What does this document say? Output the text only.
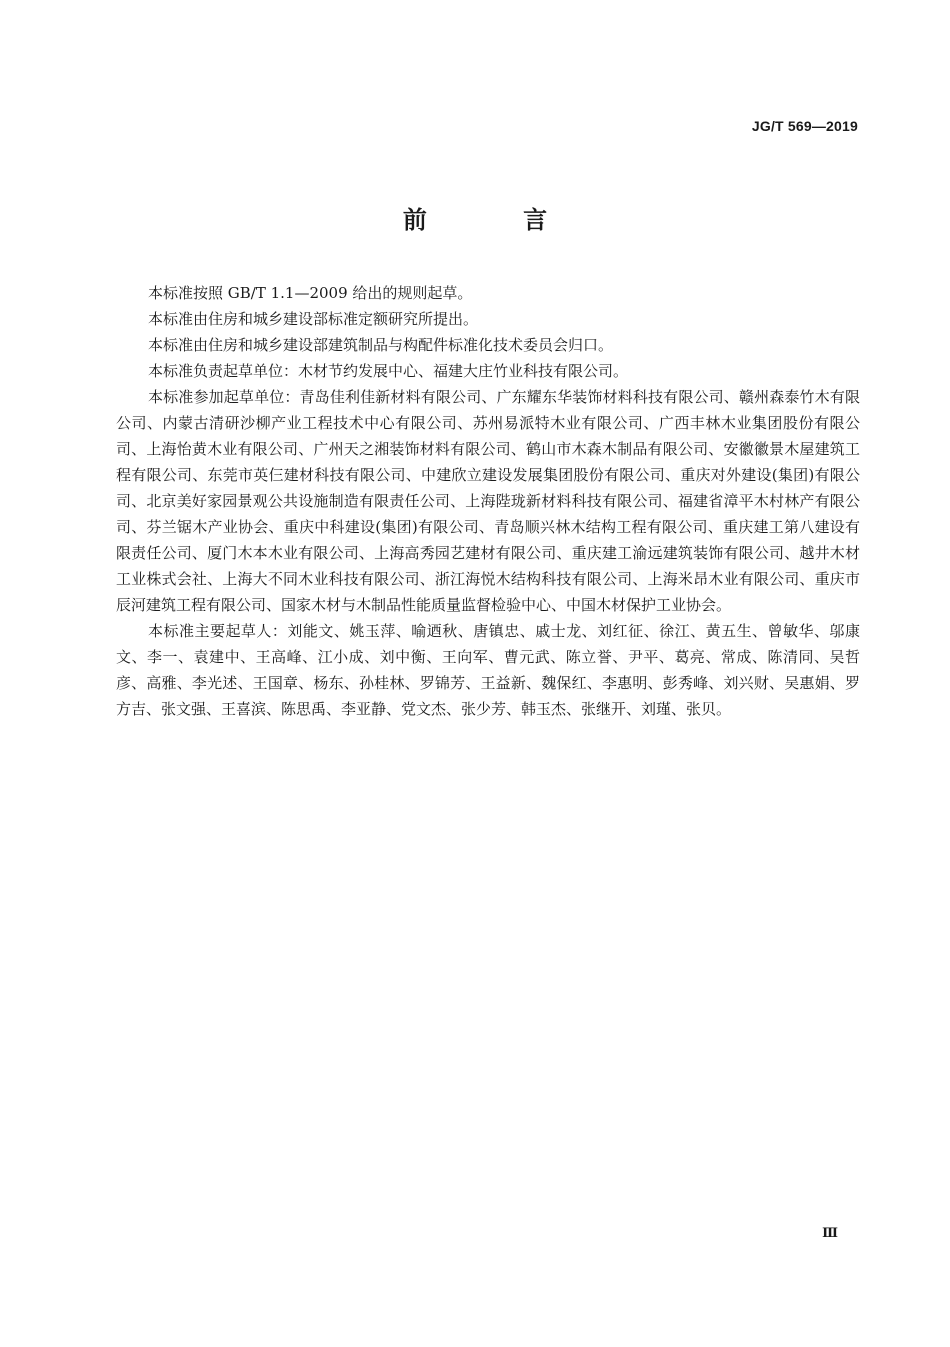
JG/T 569—2019
前 言

本标准按照 GB/T 1.1—2009 给出的规则起草。

本标准由住房和城乡建设部标准定额研究所提出。

本标准由住房和城乡建设部建筑制品与构配件标准化技术委员会归口。

本标准负责起草单位：木材节约发展中心、福建大庄竹业科技有限公司。

本标准参加起草单位：青岛佳利佳新材料有限公司、广东耀东华装饰材料科技有限公司、赣州森泰竹木有限公司、内蒙古清研沙柳产业工程技术中心有限公司、苏州易派特木业有限公司、广西丰林木业集团股份有限公司、上海怡黄木业有限公司、广州天之湘装饰材料有限公司、鹤山市木森木制品有限公司、安徽徽景木屋建筑工程有限公司、东莞市英仨建材科技有限公司、中建欣立建设发展集团股份有限公司、重庆对外建设(集团)有限公司、北京美好家园景观公共设施制造有限责任公司、上海陛珑新材料科技有限公司、福建省漳平木村林产有限公司、芬兰锯木产业协会、重庆中科建设(集团)有限公司、青岛顺兴林木结构工程有限公司、重庆建工第八建设有限责任公司、厦门木本木业有限公司、上海高秀园艺建材有限公司、重庆建工渝远建筑装饰有限公司、越井木材工业株式会社、上海大不同木业科技有限公司、浙江海悦木结构科技有限公司、上海米昂木业有限公司、重庆市辰河建筑工程有限公司、国家木材与木制品性能质量监督检验中心、中国木材保护工业协会。

本标准主要起草人：刘能文、姚玉萍、喻迺秋、唐镇忠、戚士龙、刘红征、徐江、黄五生、曾敏华、邬康文、李一、袁建中、王高峰、江小成、刘中衡、王向军、曹元武、陈立誉、尹平、葛亮、常成、陈清同、吴哲彦、高雅、李光述、王国章、杨东、孙桂林、罗锦芳、王益新、魏保红、李惠明、彭秀峰、刘兴财、吴惠娟、罗方吉、张文强、王喜滨、陈思禹、李亚静、党文杰、张少芳、韩玉杰、张继开、刘瑾、张贝。

Ⅲ
